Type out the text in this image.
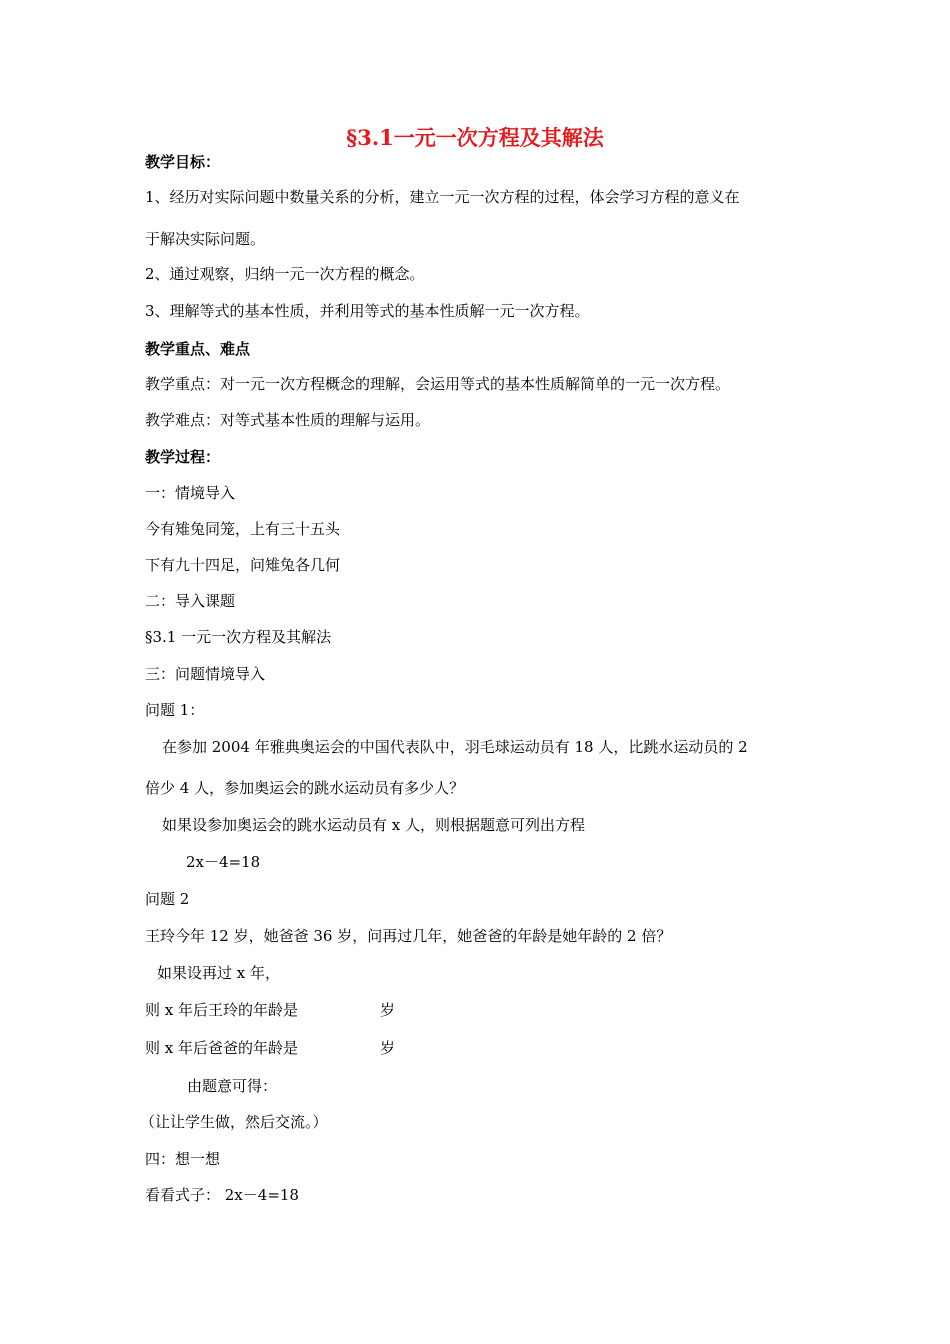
§3.1一元一次方程及其解法
教学目标：
1、经历对实际问题中数量关系的分析，建立一元一次方程的过程，体会学习方程的意义在
于解决实际问题。
2、通过观察，归纳一元一次方程的概念。
3、理解等式的基本性质，并利用等式的基本性质解一元一次方程。
教学重点、难点
教学重点：对一元一次方程概念的理解，会运用等式的基本性质解简单的一元一次方程。
教学难点：对等式基本性质的理解与运用。
教学过程：
一：情境导入
今有雉兔同笼，上有三十五头
下有九十四足，问雉兔各几何
二：导入课题
§3.1 一元一次方程及其解法
三：问题情境导入
问题 1：
在参加 2004 年雅典奥运会的中国代表队中，羽毛球运动员有 18 人，比跳水运动员的 2
倍少 4 人，参加奥运会的跳水运动员有多少人？
如果设参加奥运会的跳水运动员有 x 人，则根据题意可列出方程
2x－4=18
问题 2
王玲今年 12 岁，她爸爸 36 岁，问再过几年，她爸爸的年龄是她年龄的 2 倍？
如果设再过 x 年，
则 x 年后王玲的年龄是	岁
则 x 年后爸爸的年龄是	岁
由题意可得：
（让让学生做，然后交流。）
四：想一想
看看式子： 2x－4=18
